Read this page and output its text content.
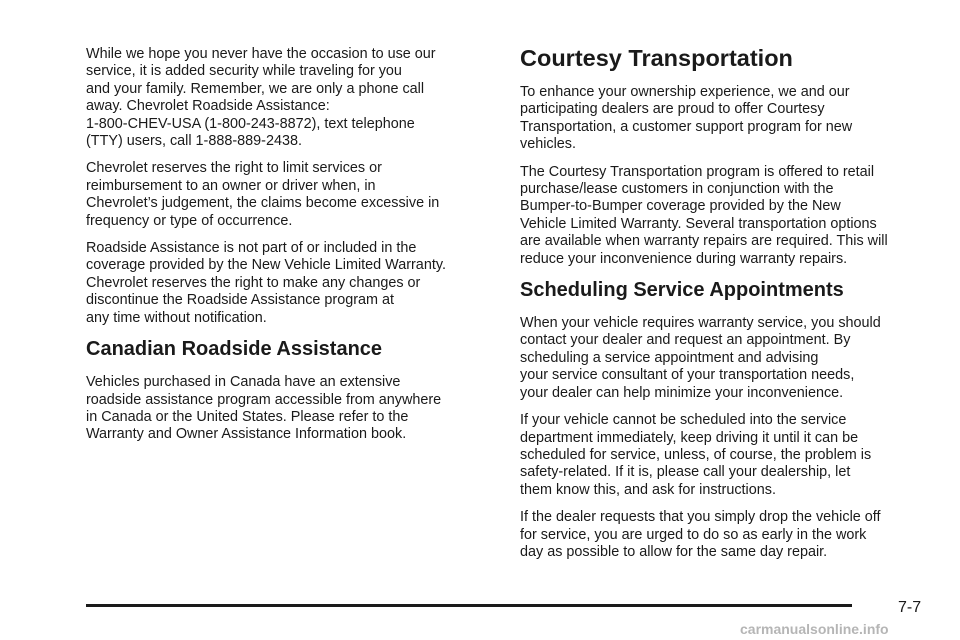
While we hope you never have the occasion to use our
service, it is added security while traveling for you
and your family. Remember, we are only a phone call
away. Chevrolet Roadside Assistance:
1-800-CHEV-USA (1-800-243-8872), text telephone
(TTY) users, call 1-888-889-2438.

Chevrolet reserves the right to limit services or
reimbursement to an owner or driver when, in
Chevrolet’s judgement, the claims become excessive in
frequency or type of occurrence.

Roadside Assistance is not part of or included in the
coverage provided by the New Vehicle Limited Warranty.
Chevrolet reserves the right to make any changes or
discontinue the Roadside Assistance program at
any time without notification.

Canadian Roadside Assistance

Vehicles purchased in Canada have an extensive
roadside assistance program accessible from anywhere
in Canada or the United States. Please refer to the
Warranty and Owner Assistance Information book.

Courtesy Transportation

To enhance your ownership experience, we and our
participating dealers are proud to offer Courtesy
Transportation, a customer support program for new
vehicles.

The Courtesy Transportation program is offered to retail
purchase/lease customers in conjunction with the
Bumper-to-Bumper coverage provided by the New
Vehicle Limited Warranty. Several transportation options
are available when warranty repairs are required. This will
reduce your inconvenience during warranty repairs.

Scheduling Service Appointments

When your vehicle requires warranty service, you should
contact your dealer and request an appointment. By
scheduling a service appointment and advising
your service consultant of your transportation needs,
your dealer can help minimize your inconvenience.

If your vehicle cannot be scheduled into the service
department immediately, keep driving it until it can be
scheduled for service, unless, of course, the problem is
safety-related. If it is, please call your dealership, let
them know this, and ask for instructions.

If the dealer requests that you simply drop the vehicle off
for service, you are urged to do so as early in the work
day as possible to allow for the same day repair.

7-7
carmanualsonline.info
